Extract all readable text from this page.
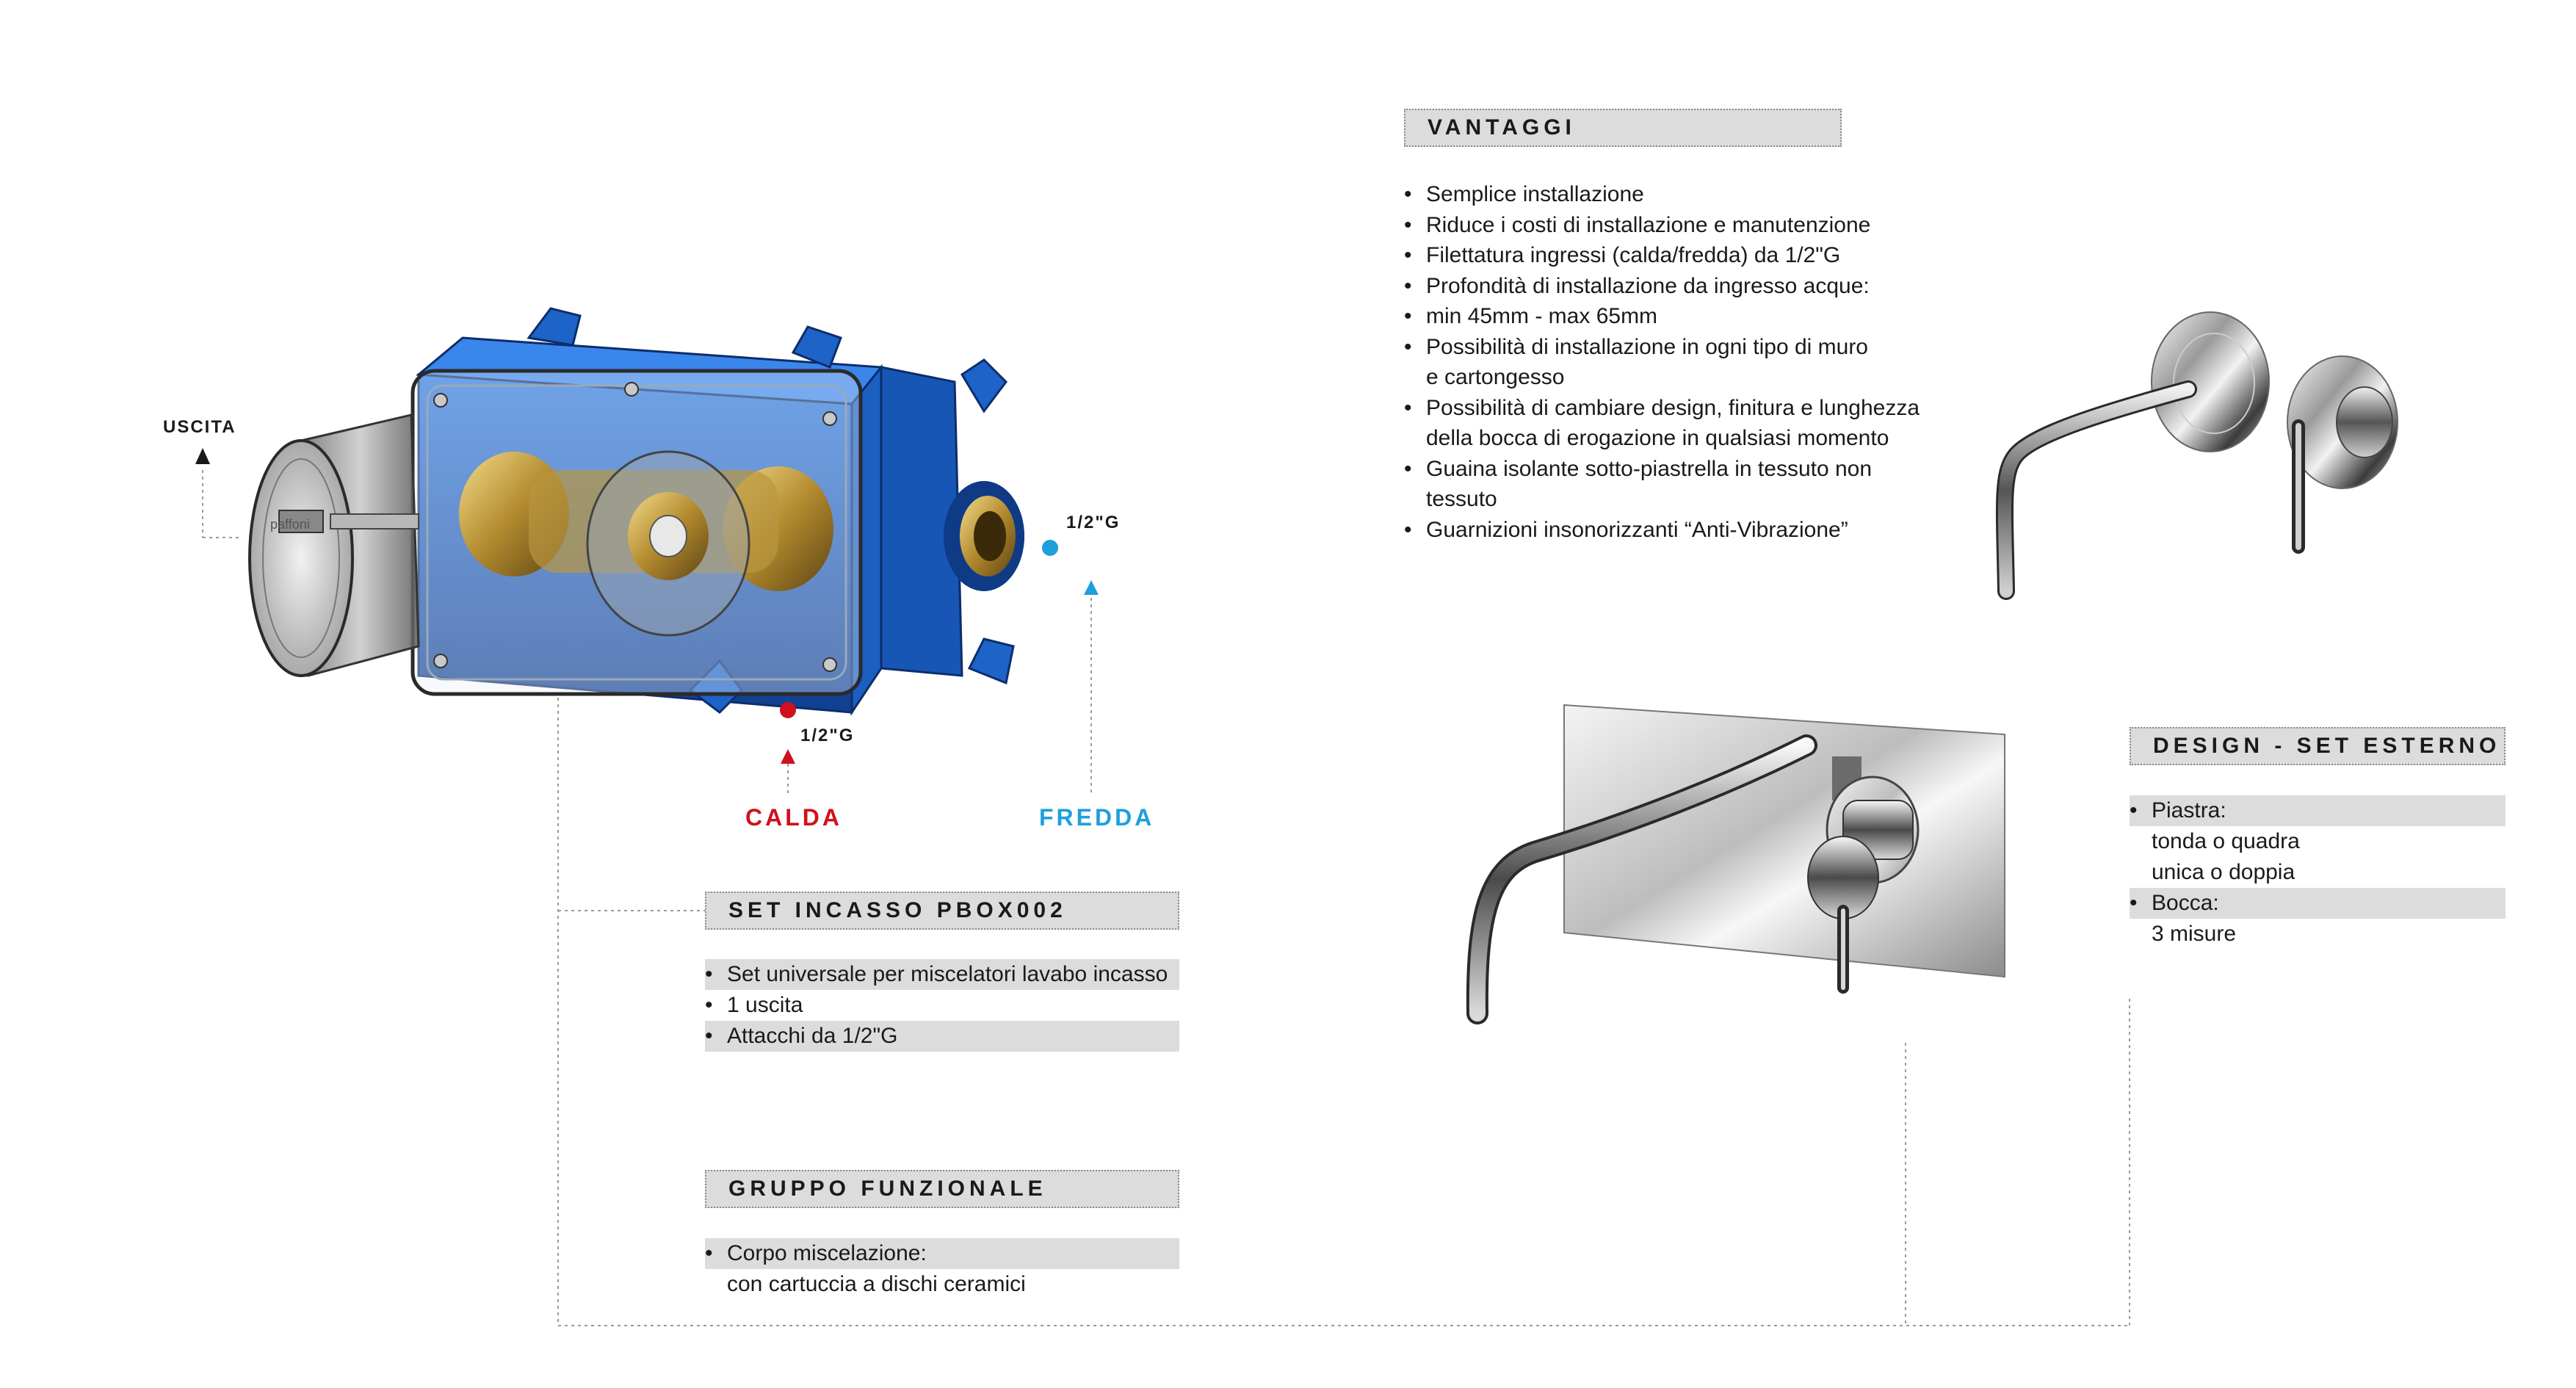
paffoni
USCITA
1/2"G
1/2"G
CALDA	FREDDA
VANTAGGI
• Semplice installazione
• Riduce i costi di installazione e manutenzione
• Filettatura ingressi (calda/fredda) da 1/2"G
• Profondità di installazione da ingresso acque:
• min 45mm - max 65mm
• Possibilità di installazione in ogni tipo di muro
e cartongesso
• Possibilità di cambiare design, finitura e lunghezza
della bocca di erogazione in qualsiasi momento
• Guaina isolante sotto-piastrella in tessuto non
tessuto
• Guarnizioni insonorizzanti “Anti-Vibrazione”
DESIGN - SET ESTERNO
• Piastra:
tonda o quadra
unica o doppia
• Bocca:
3 misure
SET INCASSO PBOX002
• Set universale per miscelatori lavabo incasso
• 1 uscita
• Attacchi da 1/2"G
GRUPPO FUNZIONALE
• Corpo miscelazione:
con cartuccia a dischi ceramici
